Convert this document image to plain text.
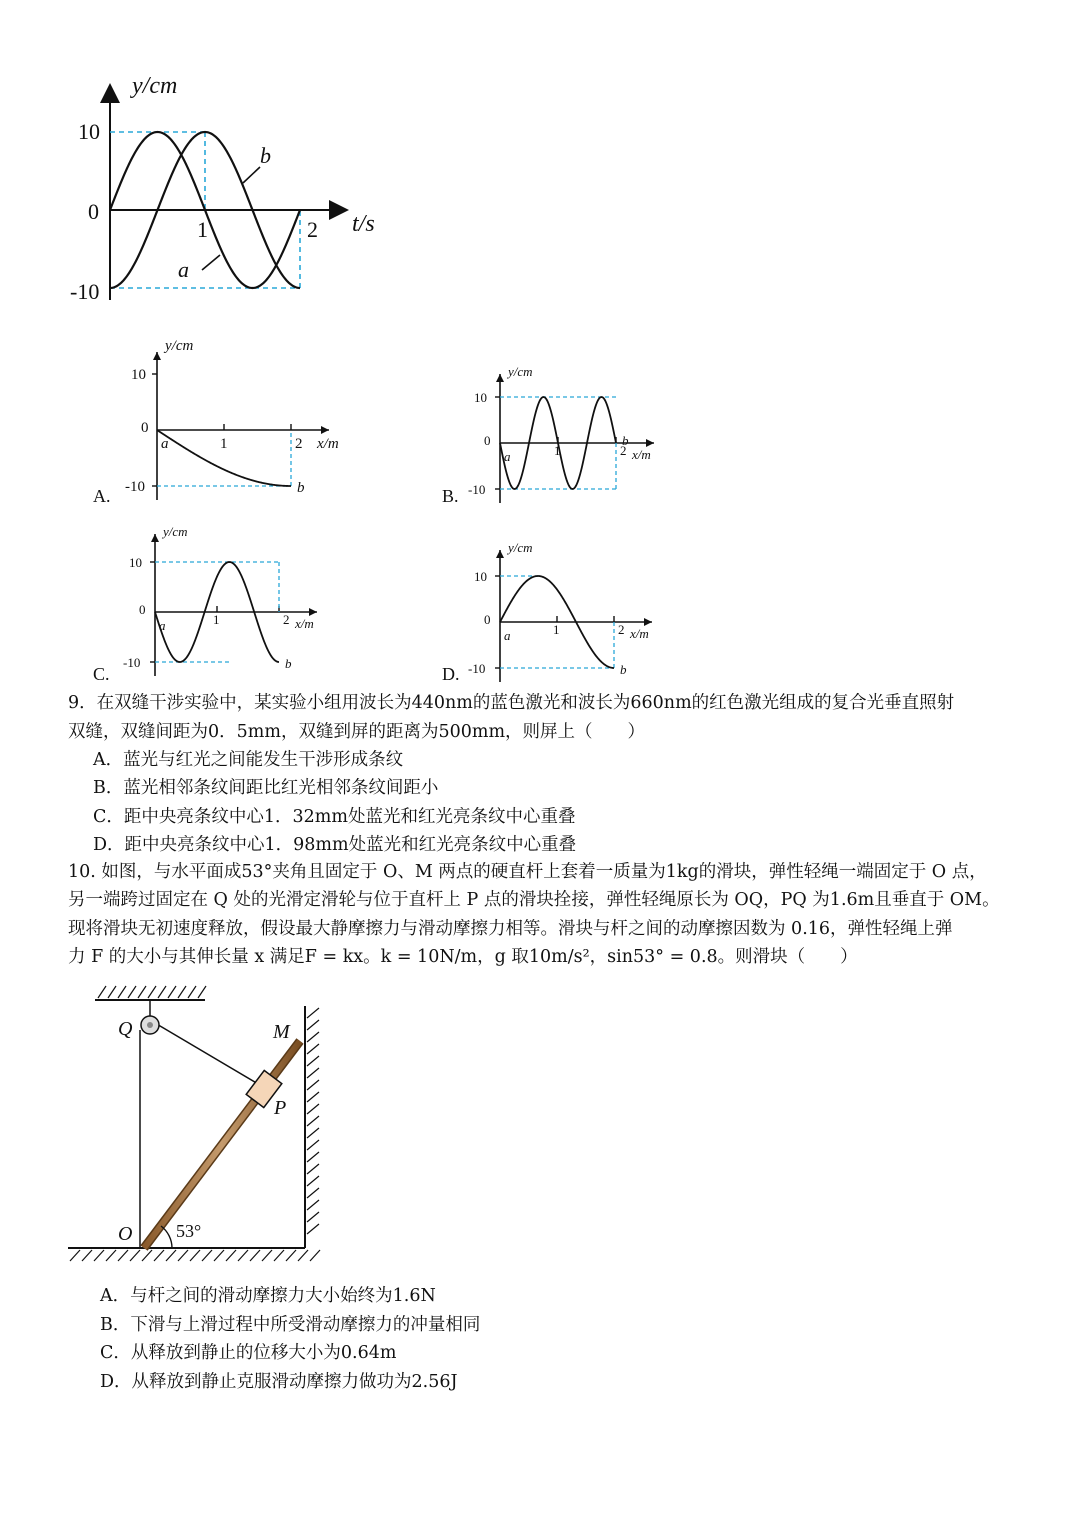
10
0
-10
1	2
y/cm
t/s
b
a
A.
y/cm
10
0
-10
1	2 x/m
a
b	B.
y/cm
10
0
-10
1	2 x/m
a
b
C.
y/cm
10
0
-10
1	2 x/m
a
b
D.
y/cm
10
0
-10
1	2 x/m
a
b
9．在双缝干涉实验中，某实验小组用波长为440nm的蓝色激光和波长为660nm的红色激光组成的复合光垂直照射
双缝，双缝间距为0．5mm，双缝到屏的距离为500mm，则屏上（　　）
A．蓝光与红光之间能发生干涉形成条纹
B．蓝光相邻条纹间距比红光相邻条纹间距小
C．距中央亮条纹中心1．32mm处蓝光和红光亮条纹中心重叠
D．距中央亮条纹中心1．98mm处蓝光和红光亮条纹中心重叠
10. 如图，与水平面成53°夹角且固定于 O、M 两点的硬直杆上套着一质量为1kg的滑块，弹性轻绳一端固定于 O 点，
另一端跨过固定在 Q 处的光滑定滑轮与位于直杆上 P 点的滑块拴接，弹性轻绳原长为 OQ，PQ 为1.6m且垂直于 OM。
现将滑块无初速度释放，假设最大静摩擦力与滑动摩擦力相等。滑块与杆之间的动摩擦因数为 0.16，弹性轻绳上弹
力 F 的大小与其伸长量 x 满足F = kx。k = 10N/m，g 取10m/s²，sin53° = 0.8。则滑块（　　）
Q	M
P
O 53°
A．与杆之间的滑动摩擦力大小始终为1.6N
B．下滑与上滑过程中所受滑动摩擦力的冲量相同
C．从释放到静止的位移大小为0.64m
D．从释放到静止克服滑动摩擦力做功为2.56J
